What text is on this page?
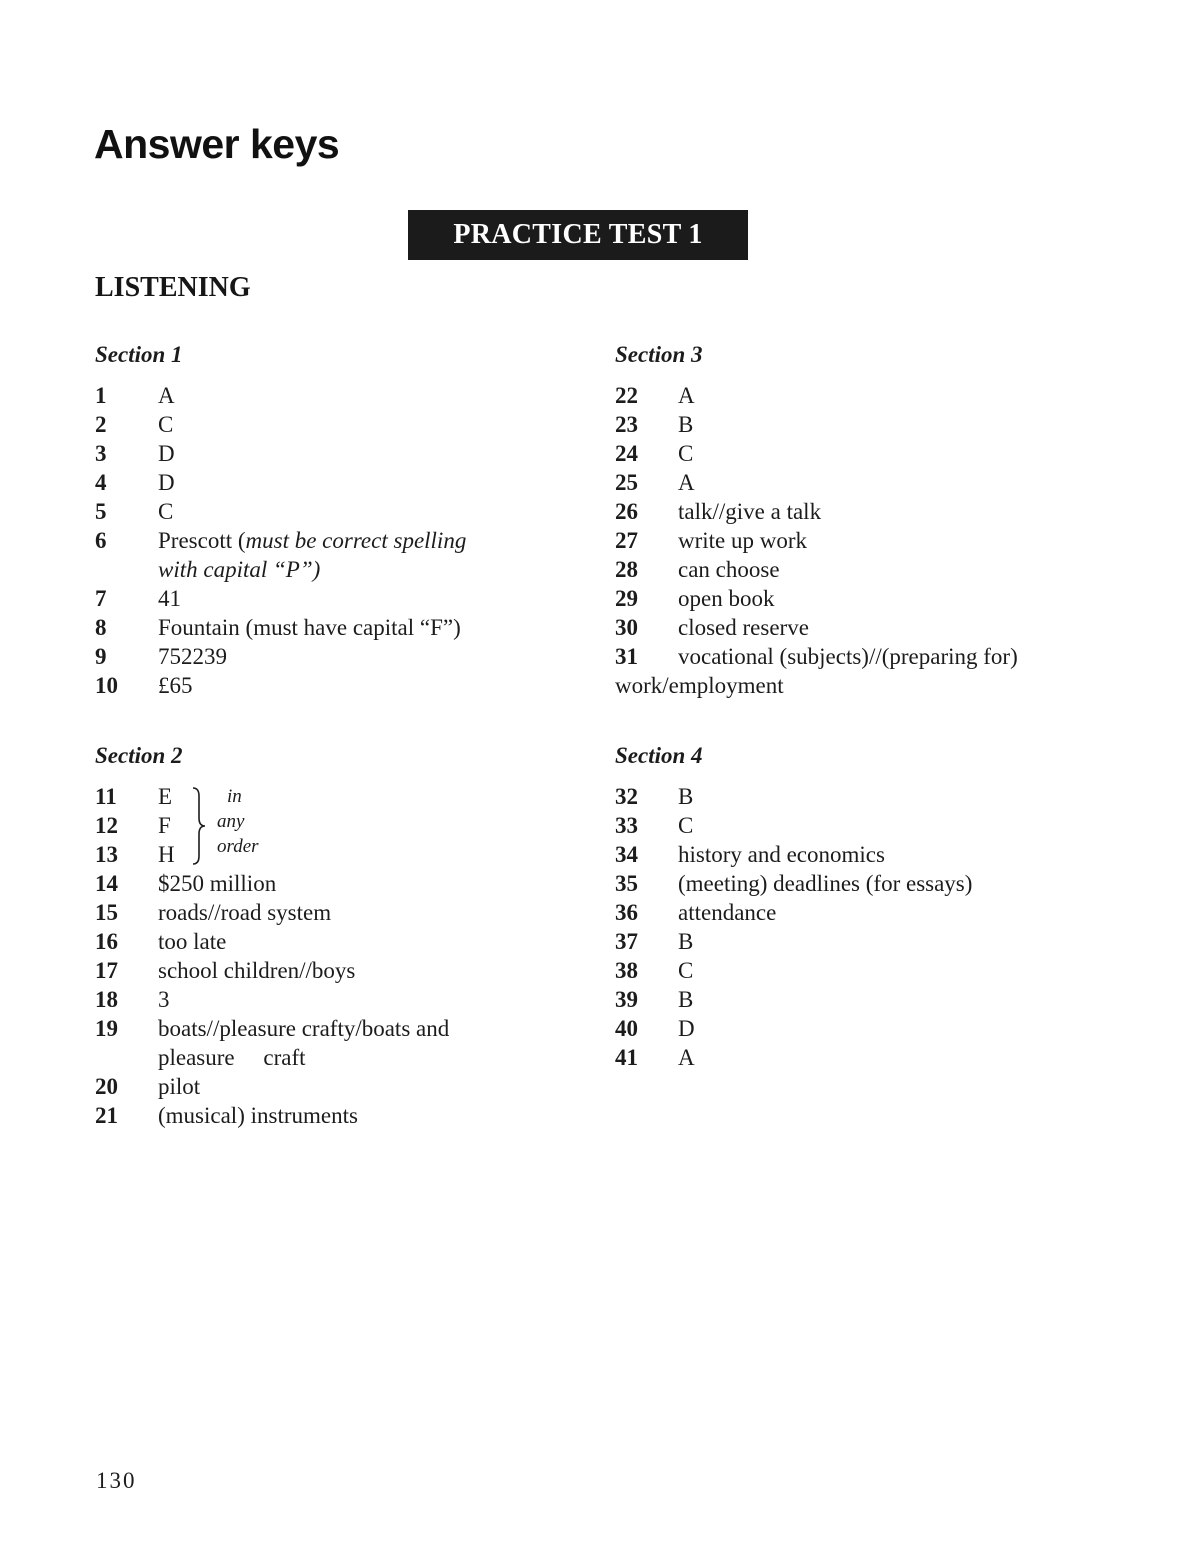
Answer keys
PRACTICE TEST 1
LISTENING
Section 1
1	A
2	C
3	D
4	D
5	C
6	Prescott (must be correct spelling
with capital “P”)
7	41
8	Fountain (must have capital “F”)
9	752239
10	£65
Section 2
in
any
order
11	E
12	F
13	H
14	$250 million
15	roads//road system
16	too late
17	school children//boys
18	3
19	boats//pleasure crafty/boats and
pleasure     craft
20	pilot
21	(musical) instruments
Section 3
22	A
23	B
24	C
25	A
26	talk//give a talk
27	write up work
28	can choose
29	open book
30	closed reserve
31	vocational (subjects)//(preparing for)
work/employment
Section 4
32	B
33	C
34	history and economics
35	(meeting) deadlines (for essays)
36	attendance
37	B
38	C
39	B
40	D
41	A
130
